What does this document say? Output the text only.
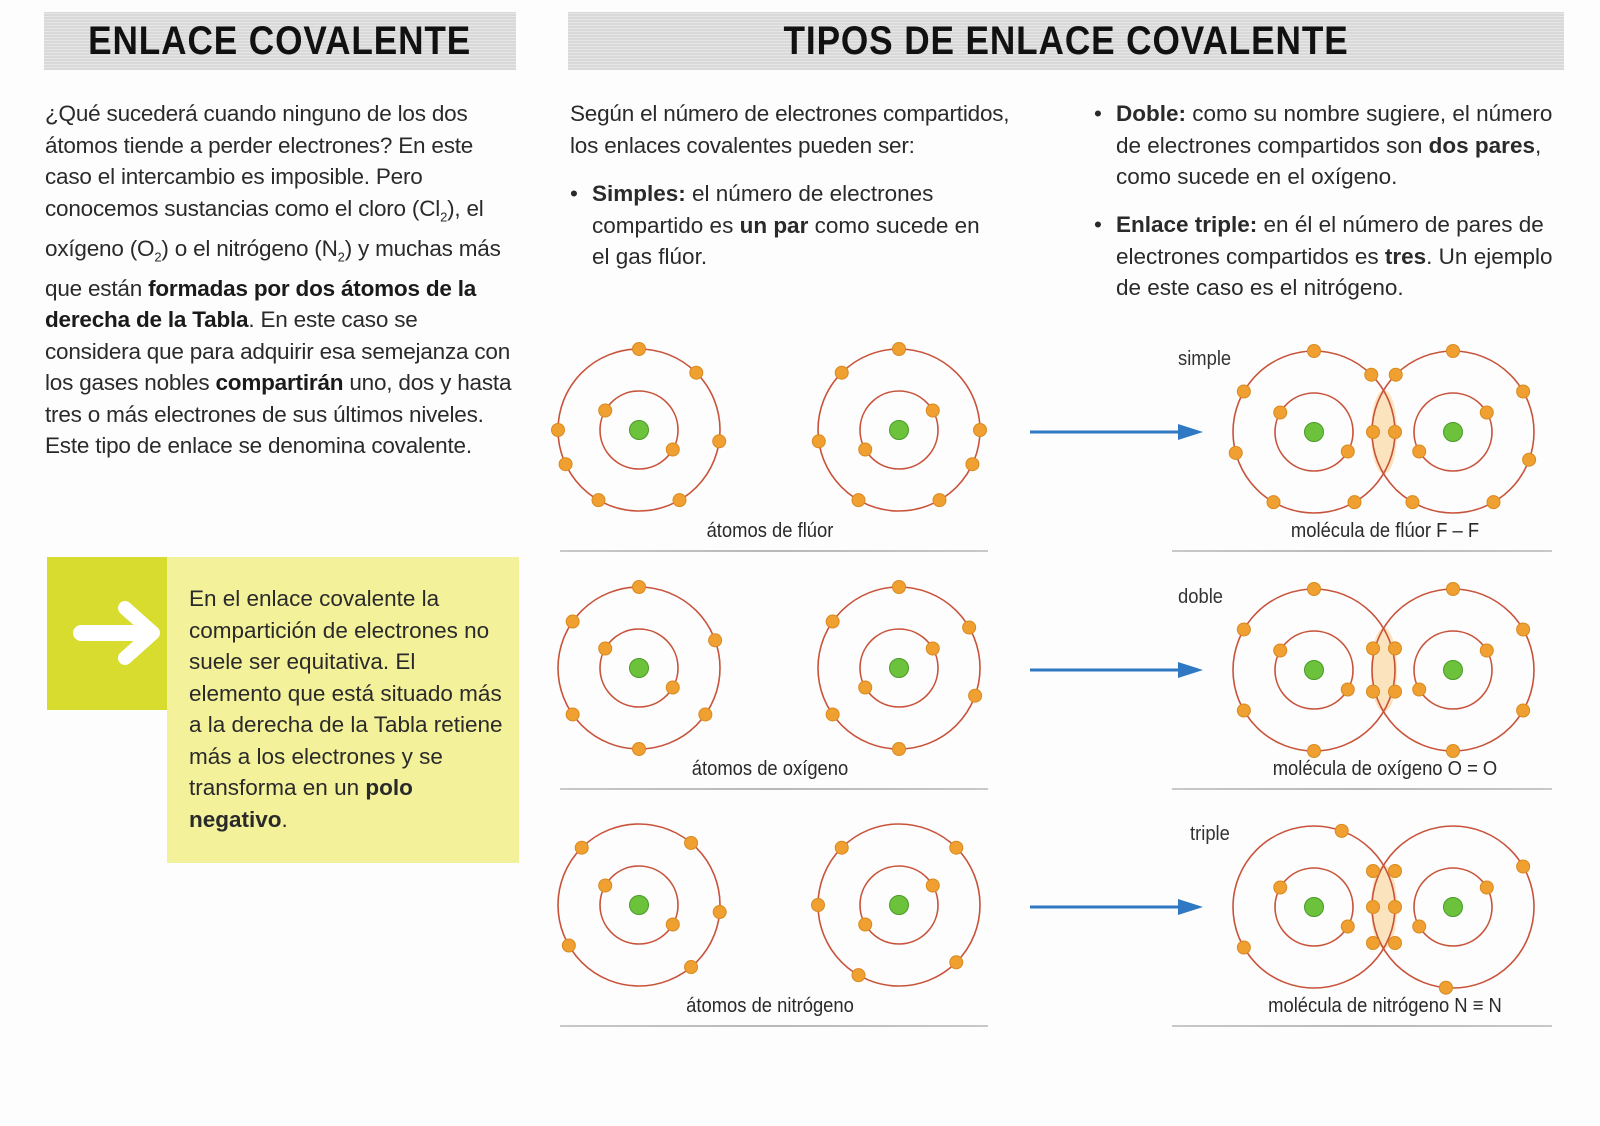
ENLACE COVALENTE	TIPOS DE ENLACE COVALENTE

¿Qué sucederá cuando ninguno de los dos átomos tiende a perder electrones? En este caso el intercambio es imposible. Pero conocemos sustancias como el cloro $(Cl_2)$, el oxígeno $(O_2)$ o el nitrógeno $(N_2)$ y muchas más que están formadas por dos átomos de la derecha de la Tabla. En este caso se considera que para adquirir esa semejanza con los gases nobles compartirán uno, dos y hasta tres o más electrones de sus últimos niveles. Este tipo de enlace se denomina covalente.

En el enlace covalente la compartición de electrones no suele ser equitativa. El elemento que está situado más a la derecha de la Tabla retiene más a los electrones y se transforma en un polo negativo.

Según el número de electrones compartidos, los enlaces covalentes pueden ser:

• Simples: el número de electrones compartido es un par como sucede en el gas flúor.
• Doble: como su nombre sugiere, el número de electrones compartidos son dos pares, como sucede en el oxígeno.
• Enlace triple: en él el número de pares de electrones compartidos es tres. Un ejemplo de este caso es el nitrógeno.
simple
átomos de flúor	molécula de flúor F – F
doble
átomos de oxígeno	molécula de oxígeno O = O
triple
átomos de nitrógeno	molécula de nitrógeno N ≡ N
